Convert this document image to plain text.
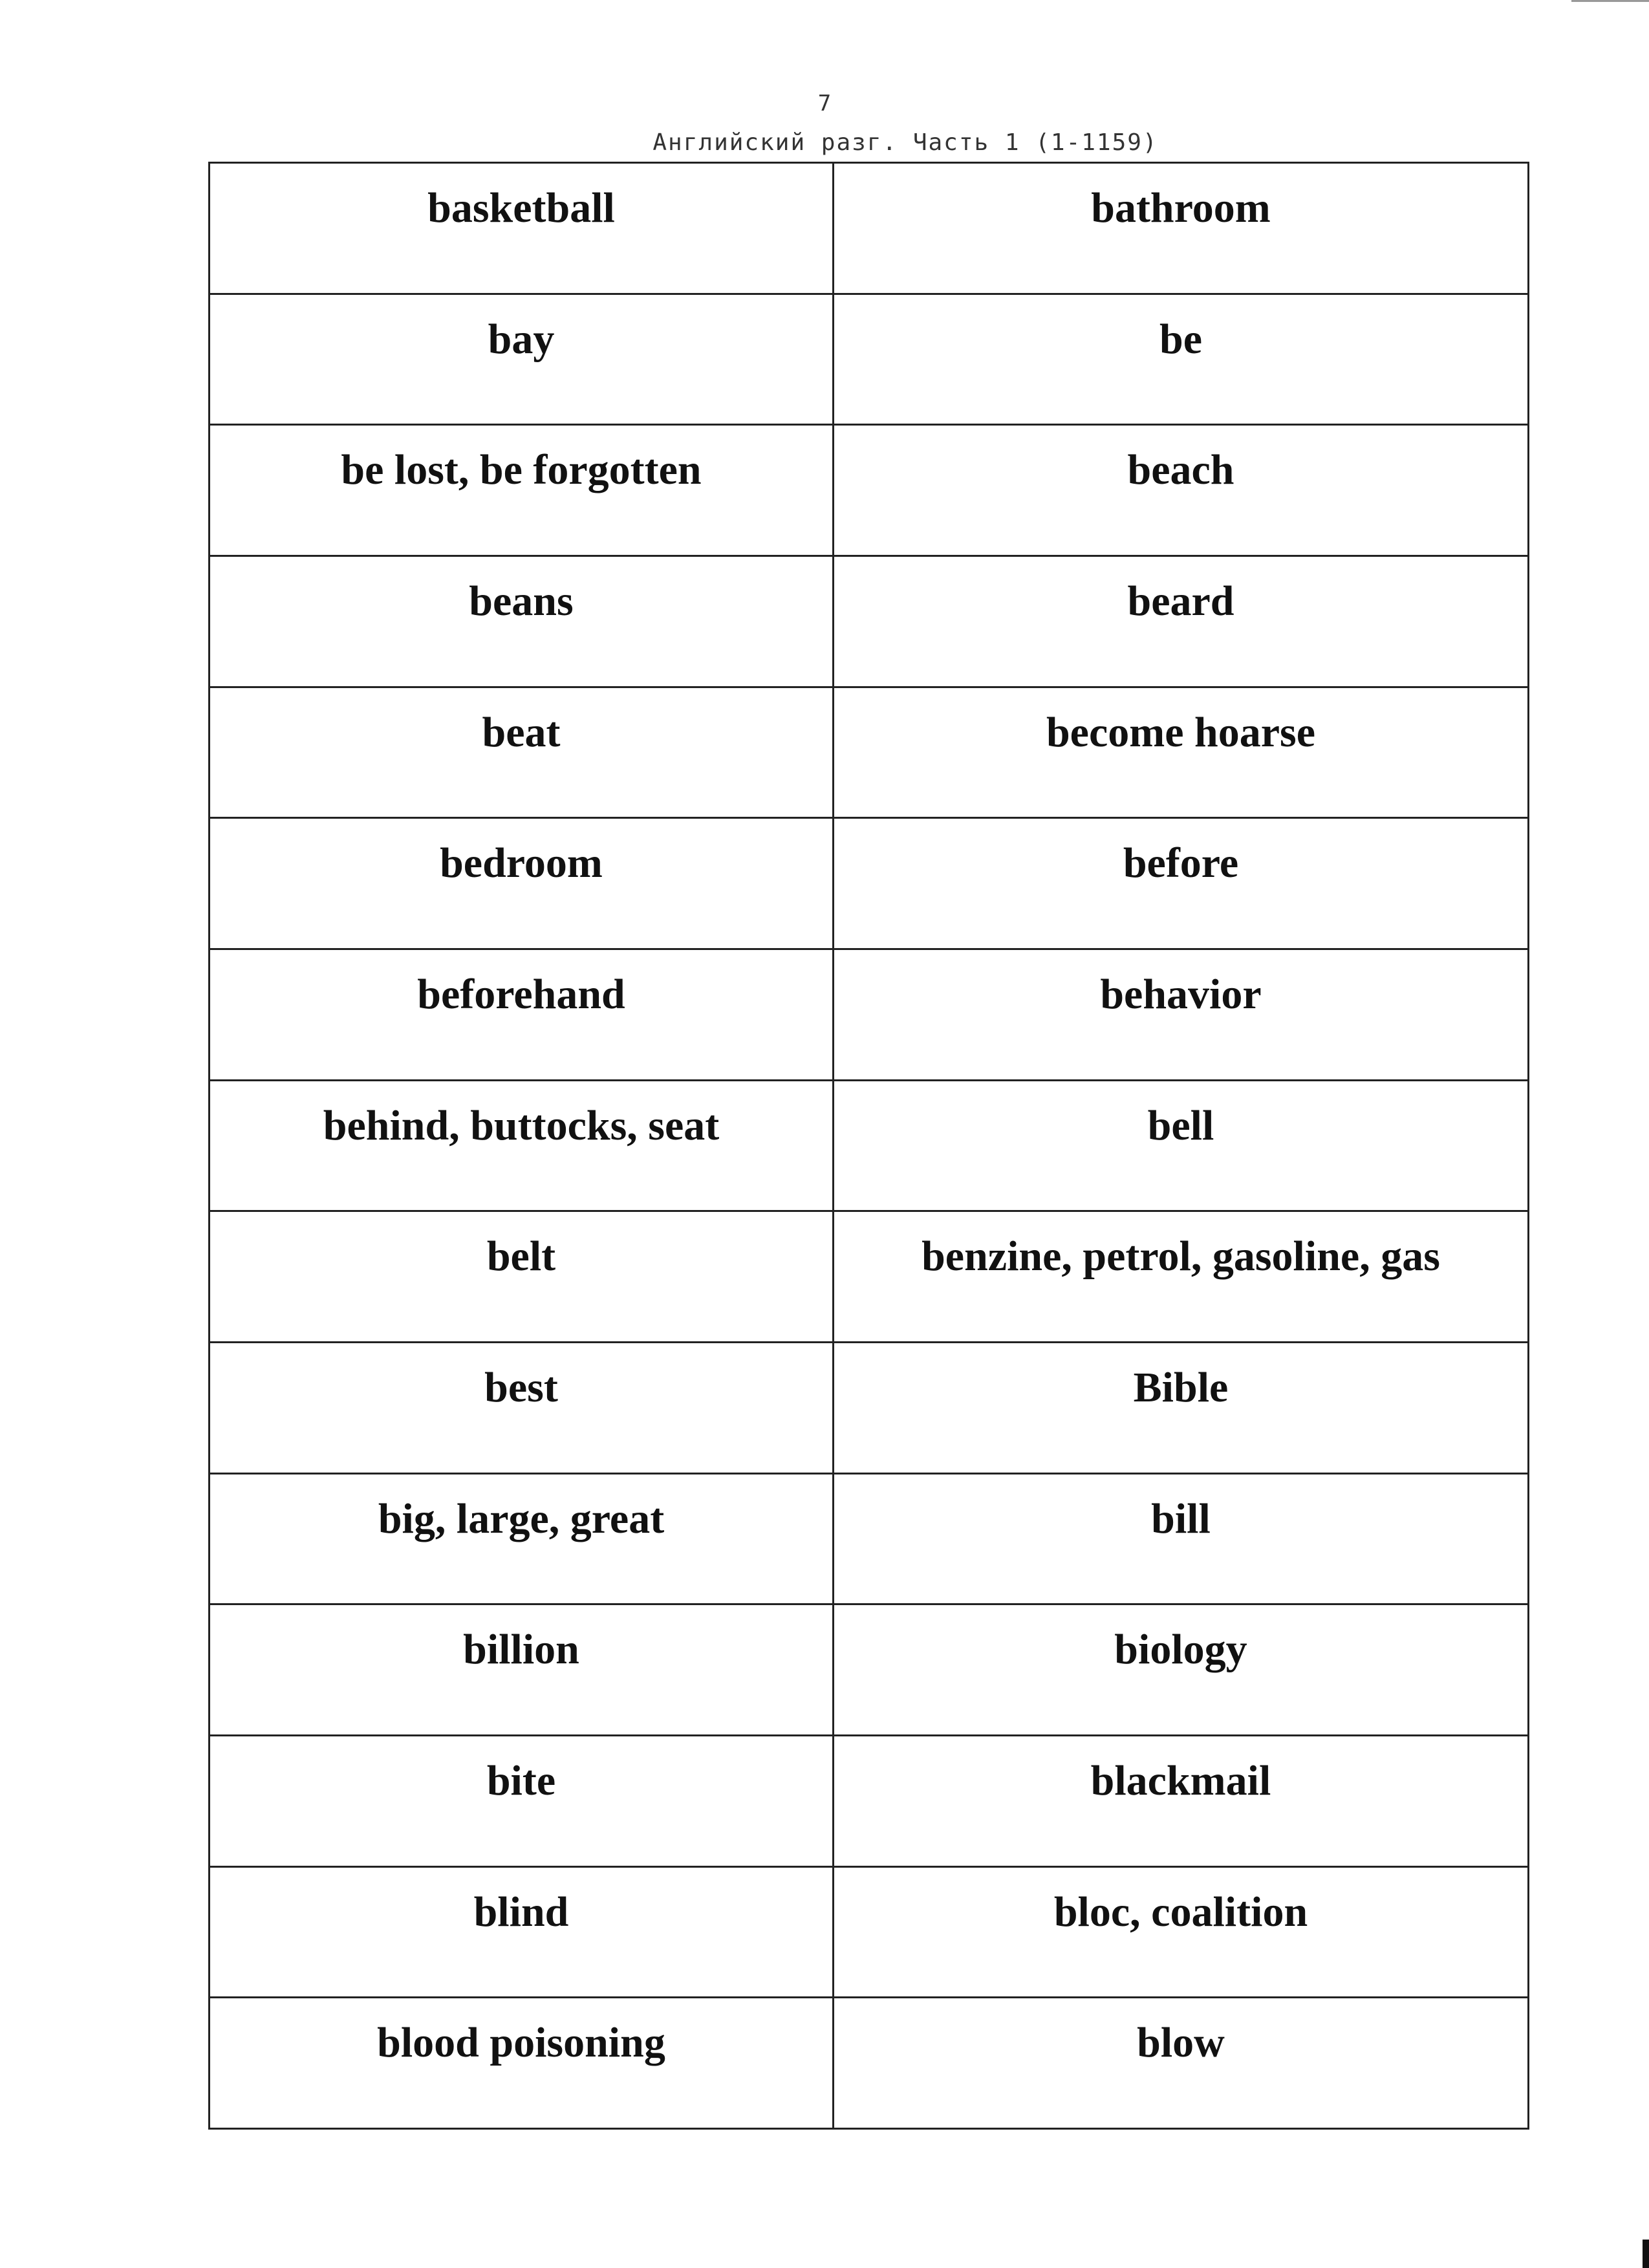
7
Английский разг. Часть 1 (1-1159)
basketball	bathroom
bay	be
be lost, be forgotten	beach
beans	beard
beat	become hoarse
bedroom	before
beforehand	behavior
behind, buttocks, seat	bell
belt	benzine, petrol, gasoline, gas
best	Bible
big, large, great	bill
billion	biology
bite	blackmail
blind	bloc, coalition
blood poisoning	blow
